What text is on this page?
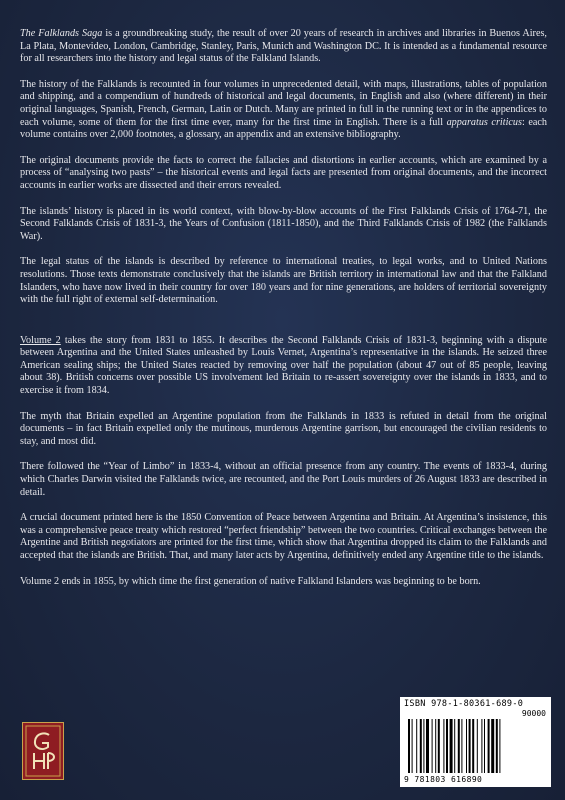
The Falklands Saga is a groundbreaking study, the result of over 20 years of research in archives and libraries in Buenos Aires, La Plata, Montevideo, London, Cambridge, Stanley, Paris, Munich and Washington DC. It is intended as a fundamental resource for all researchers into the history and legal status of the Falkland Islands.

The history of the Falklands is recounted in four volumes in unprecedented detail, with maps, illustrations, tables of population and shipping, and a compendium of hundreds of historical and legal documents, in English and also (where different) in their original languages, Spanish, French, German, Latin or Dutch. Many are printed in full in the running text or in the appendices to each volume, some of them for the first time ever, many for the first time in English. There is a full apparatus criticus: each volume contains over 2,000 footnotes, a glossary, an appendix and an extensive bibliography.

The original documents provide the facts to correct the fallacies and distortions in earlier accounts, which are examined by a process of “analysing two pasts” – the historical events and legal facts are presented from original documents, and the incorrect accounts in earlier works are dissected and their errors revealed.

The islands’ history is placed in its world context, with blow-by-blow accounts of the First Falklands Crisis of 1764-71, the Second Falklands Crisis of 1831-3, the Years of Confusion (1811-1850), and the Third Falklands Crisis of 1982 (the Falklands War).

The legal status of the islands is described by reference to international treaties, to legal works, and to United Nations resolutions. Those texts demonstrate conclusively that the islands are British territory in international law and that the Falkland Islanders, who have now lived in their country for over 180 years and for nine generations, are holders of territorial sovereignty with the full right of external self-determination.

Volume 2 takes the story from 1831 to 1855. It describes the Second Falklands Crisis of 1831-3, beginning with a dispute between Argentina and the United States unleashed by Louis Vernet, Argentina’s representative in the islands. He seized three American sealing ships; the United States reacted by removing over half the population (about 47 out of 85 people, leaving about 38). British concerns over possible US involvement led Britain to re-assert sovereignty over the islands in 1833, and to exercise it from 1834.

The myth that Britain expelled an Argentine population from the Falklands in 1833 is refuted in detail from the original documents – in fact Britain expelled only the mutinous, murderous Argentine garrison, but encouraged the civilian residents to stay, and most did.

There followed the “Year of Limbo” in 1833-4, without an official presence from any country. The events of 1833-4, during which Charles Darwin visited the Falklands twice, are recounted, and the Port Louis murders of 26 August 1833 are described in detail.

A crucial document printed here is the 1850 Convention of Peace between Argentina and Britain. At Argentina’s insistence, this was a comprehensive peace treaty which restored “perfect friendship” between the two countries. Critical exchanges between the Argentine and British negotiators are printed for the first time, which show that Argentina dropped its claim to the Falklands and accepted that the islands are British. That, and many later acts by Argentina, definitively ended any Argentine title to the islands.

Volume 2 ends in 1855, by which time the first generation of native Falkland Islanders was beginning to be born.

ISBN 978-1-80361-689-0
90000
9 781803 616890
